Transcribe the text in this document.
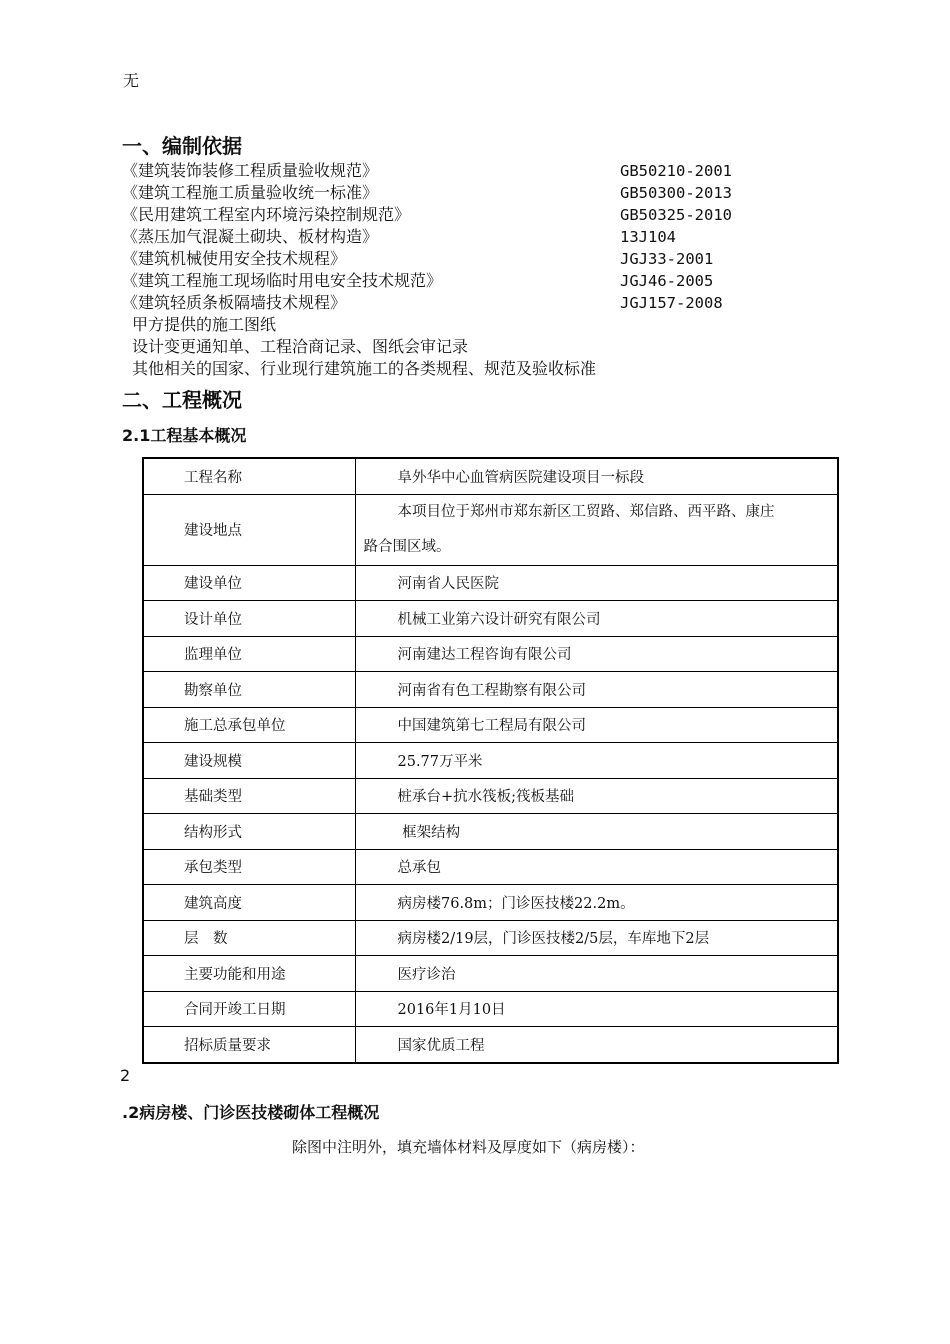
无
一、编制依据
《建筑装饰装修工程质量验收规范》	GB50210-2001
《建筑工程施工质量验收统一标准》	GB50300-2013
《民用建筑工程室内环境污染控制规范》	GB50325-2010
《蒸压加气混凝土砌块、板材构造》	13J104
《建筑机械使用安全技术规程》	JGJ33-2001
《建筑工程施工现场临时用电安全技术规范》	JGJ46-2005
《建筑轻质条板隔墙技术规程》	JGJ157-2008
甲方提供的施工图纸
设计变更通知单、工程洽商记录、图纸会审记录
其他相关的国家、行业现行建筑施工的各类规程、规范及验收标准
二、工程概况
2.1工程基本概况
工程名称	阜外华中心血管病医院建设项目一标段
建设地点	本项目位于郑州市郑东新区工贸路、郑信路、西平路、康庄
路合围区域。

建设单位	河南省人民医院
设计单位	机械工业第六设计研究有限公司
监理单位	河南建达工程咨询有限公司
勘察单位	河南省有色工程勘察有限公司
施工总承包单位	中国建筑第七工程局有限公司
建设规模	25.77万平米
基础类型	桩承台+抗水筏板;筏板基础
结构形式	框架结构
承包类型	总承包
建筑高度	病房楼76.8m；门诊医技楼22.2m。
层　数	病房楼2/19层，门诊医技楼2/5层，车库地下2层
主要功能和用途	医疗诊治
合同开竣工日期	2016年1月10日
招标质量要求	国家优质工程
2
.2病房楼、门诊医技楼砌体工程概况
除图中注明外，填充墙体材料及厚度如下（病房楼）：
